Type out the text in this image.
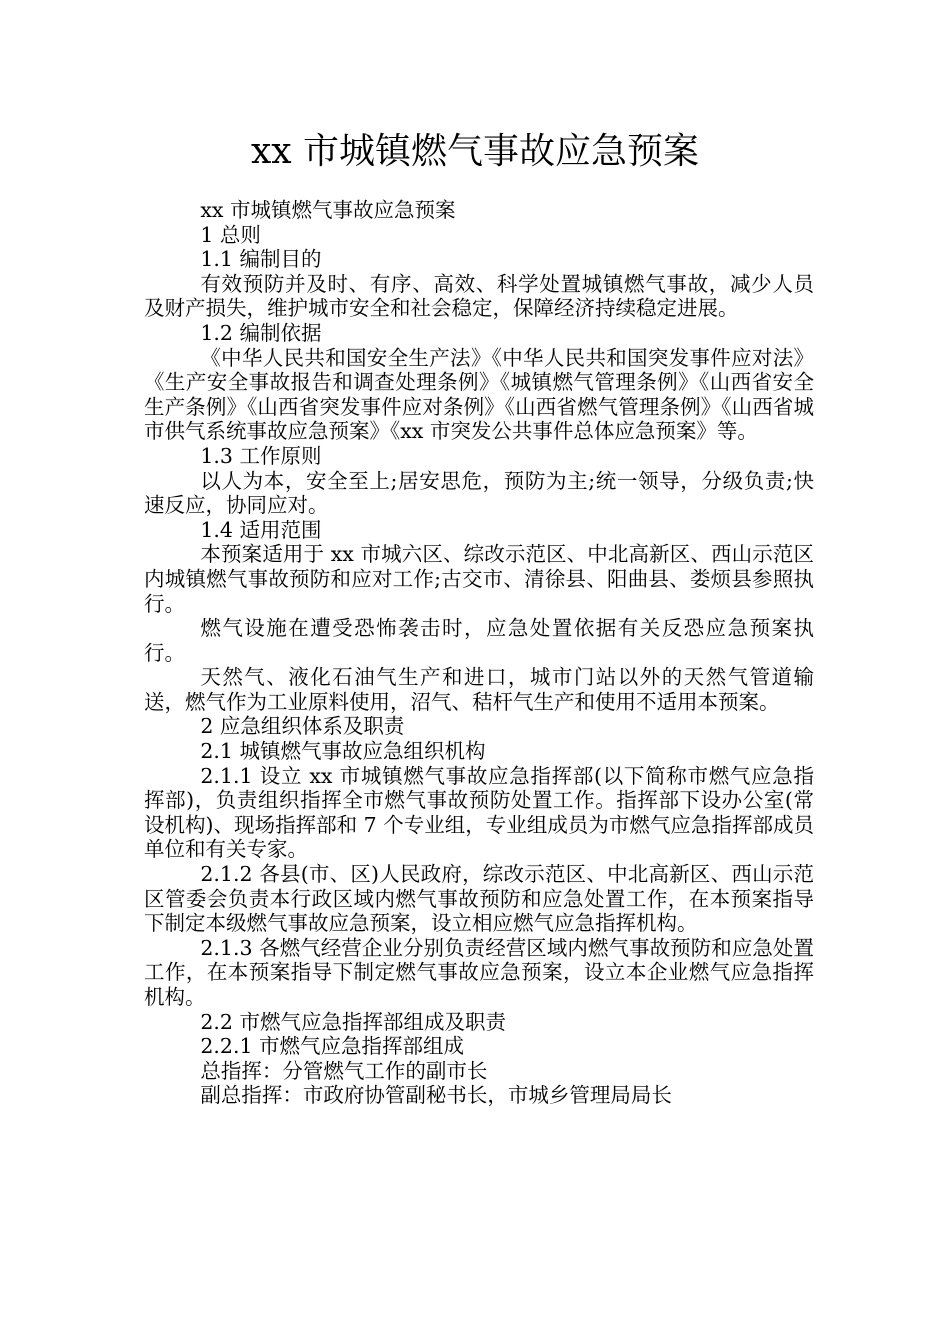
xx 市城镇燃气事故应急预案

xx 市城镇燃气事故应急预案

1 总则

1.1 编制目的

有效预防并及时、有序、高效、科学处置城镇燃气事故，减少人员及财产损失，维护城市安全和社会稳定，保障经济持续稳定进展。

1.2 编制依据

《中华人民共和国安全生产法》《中华人民共和国突发事件应对法》《生产安全事故报告和调查处理条例》《城镇燃气管理条例》《山西省安全生产条例》《山西省突发事件应对条例》《山西省燃气管理条例》《山西省城市供气系统事故应急预案》《xx 市突发公共事件总体应急预案》等。

1.3 工作原则

以人为本，安全至上;居安思危，预防为主;统一领导，分级负责;快速反应，协同应对。

1.4 适用范围

本预案适用于 xx 市城六区、综改示范区、中北高新区、西山示范区内城镇燃气事故预防和应对工作;古交市、清徐县、阳曲县、娄烦县参照执行。

燃气设施在遭受恐怖袭击时，应急处置依据有关反恐应急预案执行。

天然气、液化石油气生产和进口，城市门站以外的天然气管道输送，燃气作为工业原料使用，沼气、秸杆气生产和使用不适用本预案。

2 应急组织体系及职责

2.1 城镇燃气事故应急组织机构

2.1.1 设立 xx 市城镇燃气事故应急指挥部(以下简称市燃气应急指挥部)，负责组织指挥全市燃气事故预防处置工作。指挥部下设办公室(常设机构)、现场指挥部和 7 个专业组，专业组成员为市燃气应急指挥部成员单位和有关专家。

2.1.2 各县(市、区)人民政府，综改示范区、中北高新区、西山示范区管委会负责本行政区域内燃气事故预防和应急处置工作，在本预案指导下制定本级燃气事故应急预案，设立相应燃气应急指挥机构。

2.1.3 各燃气经营企业分别负责经营区域内燃气事故预防和应急处置工作，在本预案指导下制定燃气事故应急预案，设立本企业燃气应急指挥机构。

2.2 市燃气应急指挥部组成及职责

2.2.1 市燃气应急指挥部组成

总指挥：分管燃气工作的副市长

副总指挥：市政府协管副秘书长，市城乡管理局局长
